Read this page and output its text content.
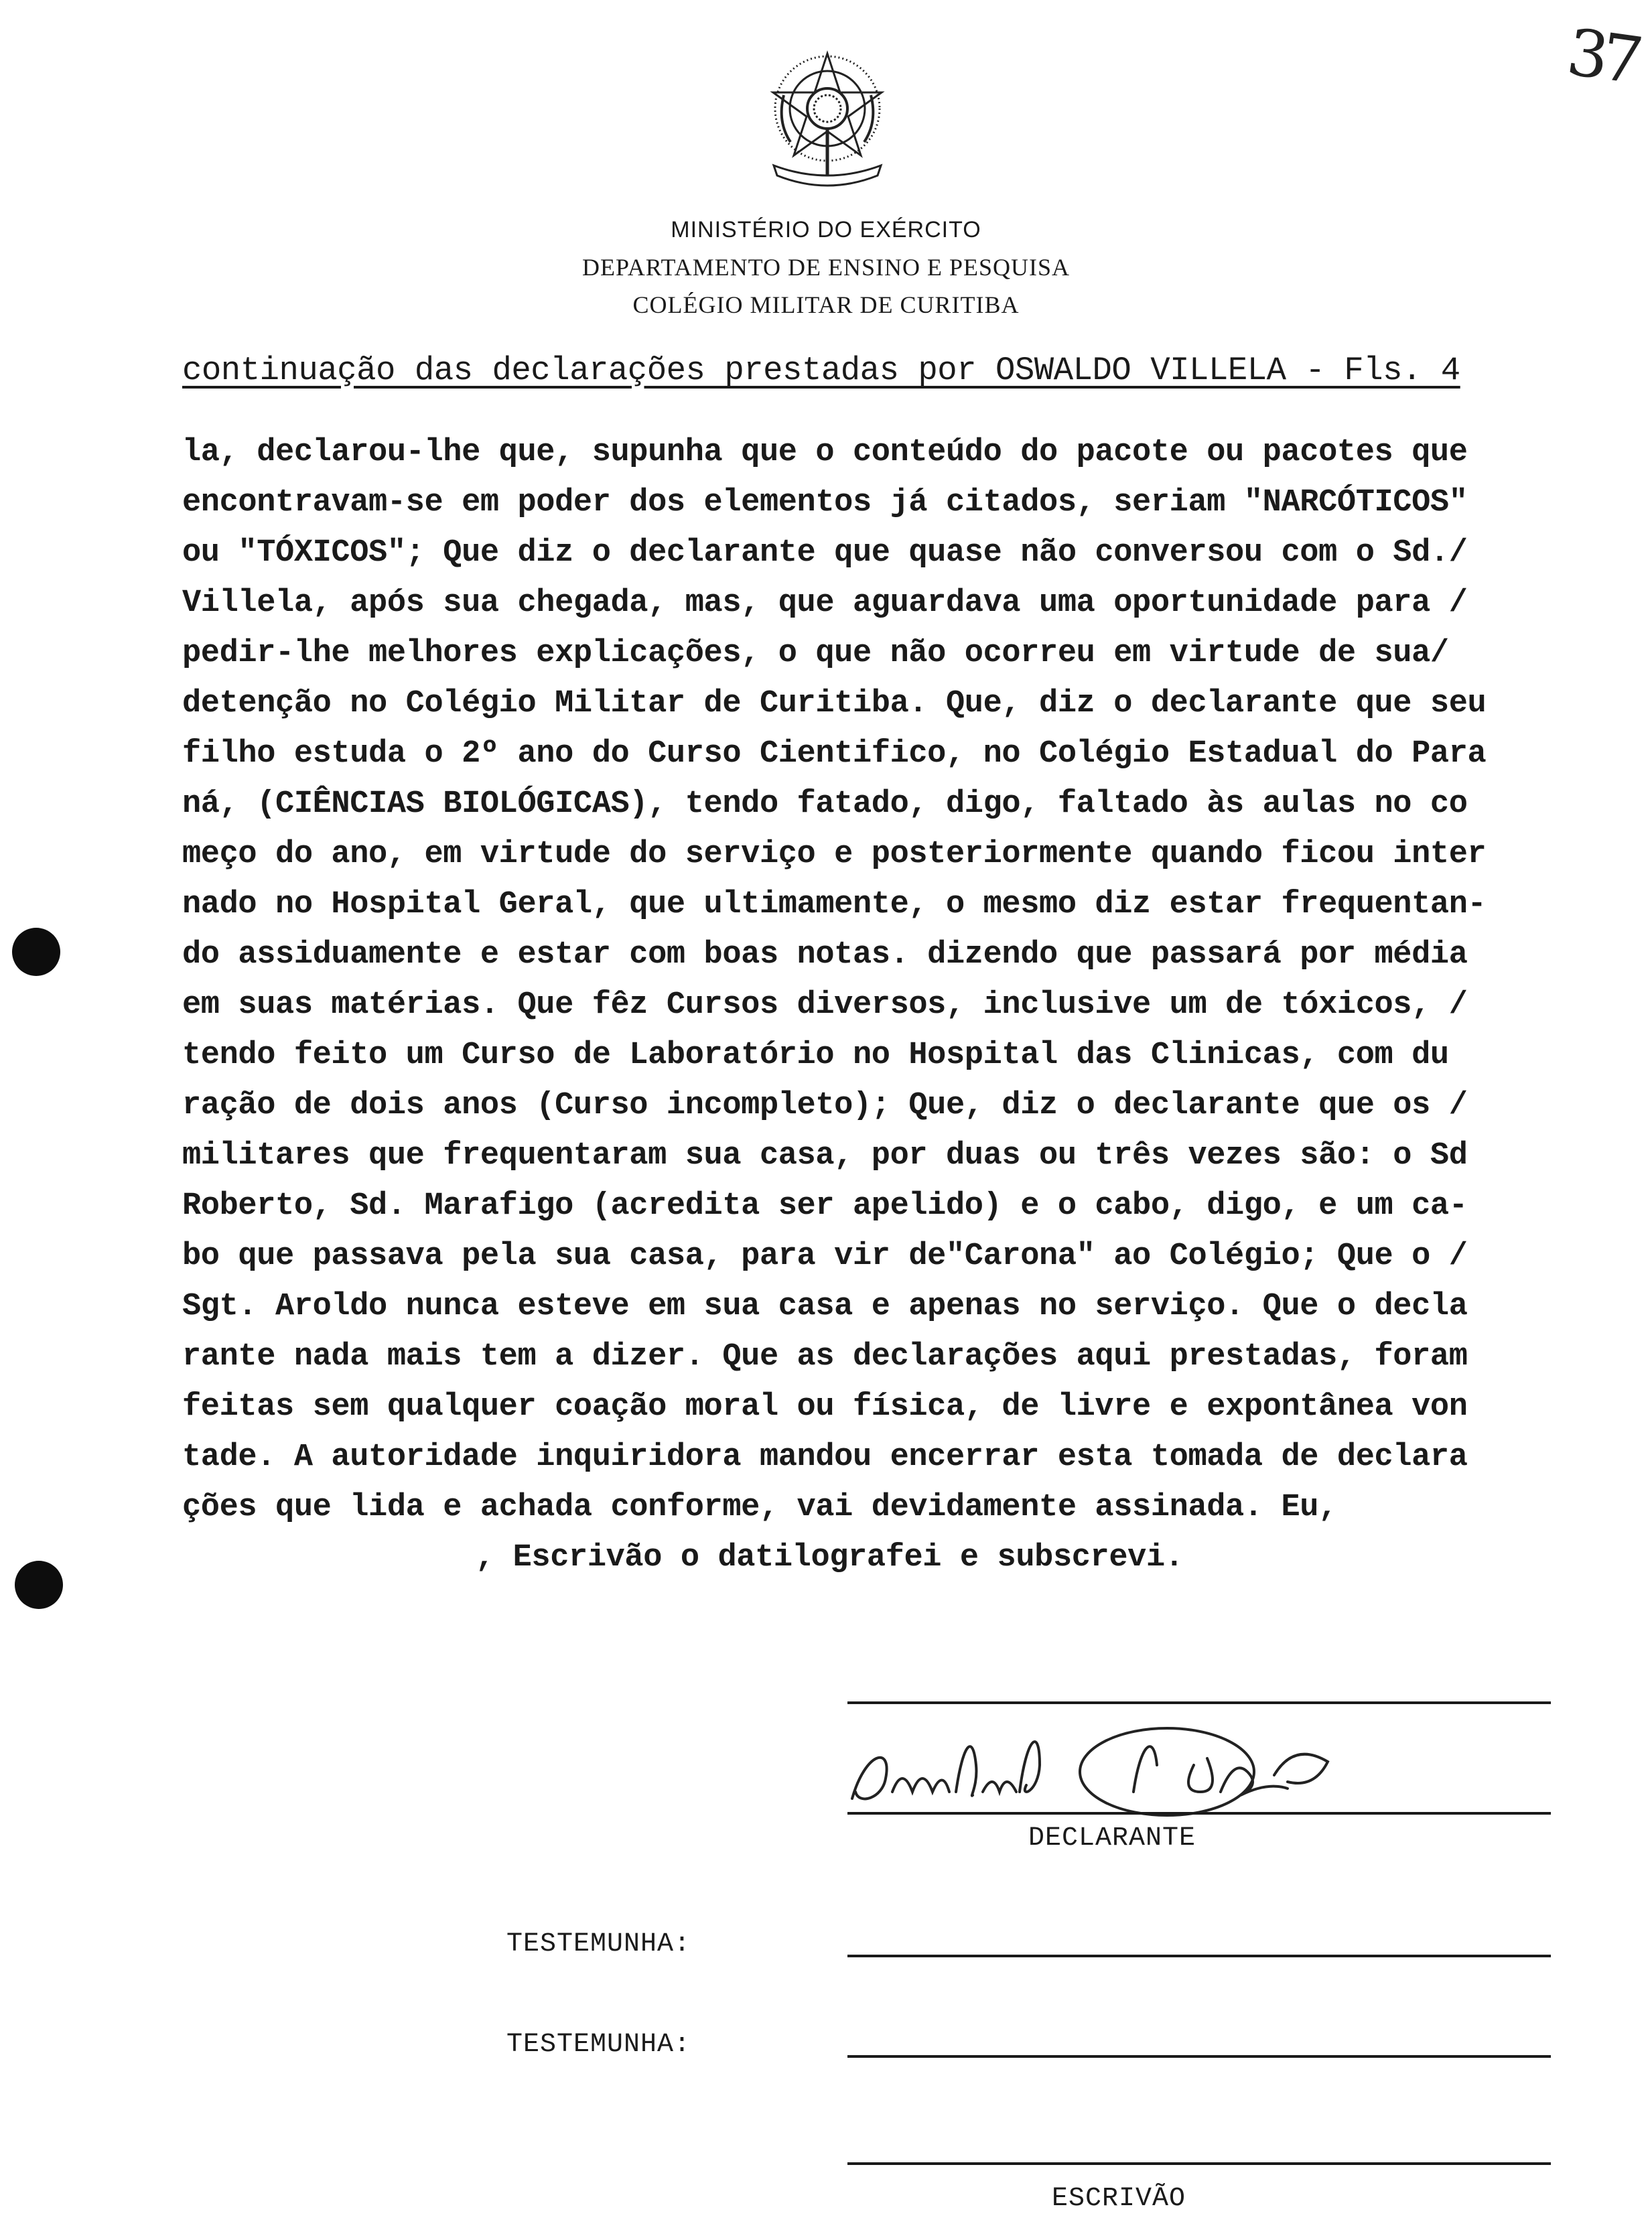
37
MINISTÉRIO DO EXÉRCITO
DEPARTAMENTO DE ENSINO E PESQUISA
COLÉGIO MILITAR DE CURITIBA
continuação das declarações prestadas por OSWALDO VILLELA - Fls. 4
la, declarou-lhe que, supunha que o conteúdo do pacote ou pacotes que
encontravam-se em poder dos elementos já citados, seriam "NARCÓTICOS"
ou "TÓXICOS"; Que diz o declarante que quase não conversou com o Sd./
Villela, após sua chegada, mas, que aguardava uma oportunidade para /
pedir-lhe melhores explicações, o que não ocorreu em virtude de sua/
detenção no Colégio Militar de Curitiba. Que, diz o declarante que seu
filho estuda o 2º ano do Curso Cientifico, no Colégio Estadual do Para
ná, (CIÊNCIAS BIOLÓGICAS), tendo fatado, digo, faltado às aulas no co
meço do ano, em virtude do serviço e posteriormente quando ficou inter
nado no Hospital Geral, que ultimamente, o mesmo diz estar frequentan-
do assiduamente e estar com boas notas. dizendo que passará por média
em suas matérias. Que fêz Cursos diversos, inclusive um de tóxicos, /
tendo feito um Curso de Laboratório no Hospital das Clinicas, com du
ração de dois anos (Curso incompleto); Que, diz o declarante que os /
militares que frequentaram sua casa, por duas ou três vezes são: o Sd
Roberto, Sd. Marafigo (acredita ser apelido) e o cabo, digo, e um ca-
bo que passava pela sua casa, para vir de"Carona" ao Colégio; Que o /
Sgt. Aroldo nunca esteve em sua casa e apenas no serviço. Que o decla
rante nada mais tem a dizer. Que as declarações aqui prestadas, foram
feitas sem qualquer coação moral ou física, de livre e expontânea von
tade. A autoridade inquiridora mandou encerrar esta tomada de declara
ções que lida e achada conforme, vai devidamente assinada. Eu,
, Escrivão o datilografei e subscrevi.
DECLARANTE
TESTEMUNHA:
TESTEMUNHA:
ESCRIVÃO
